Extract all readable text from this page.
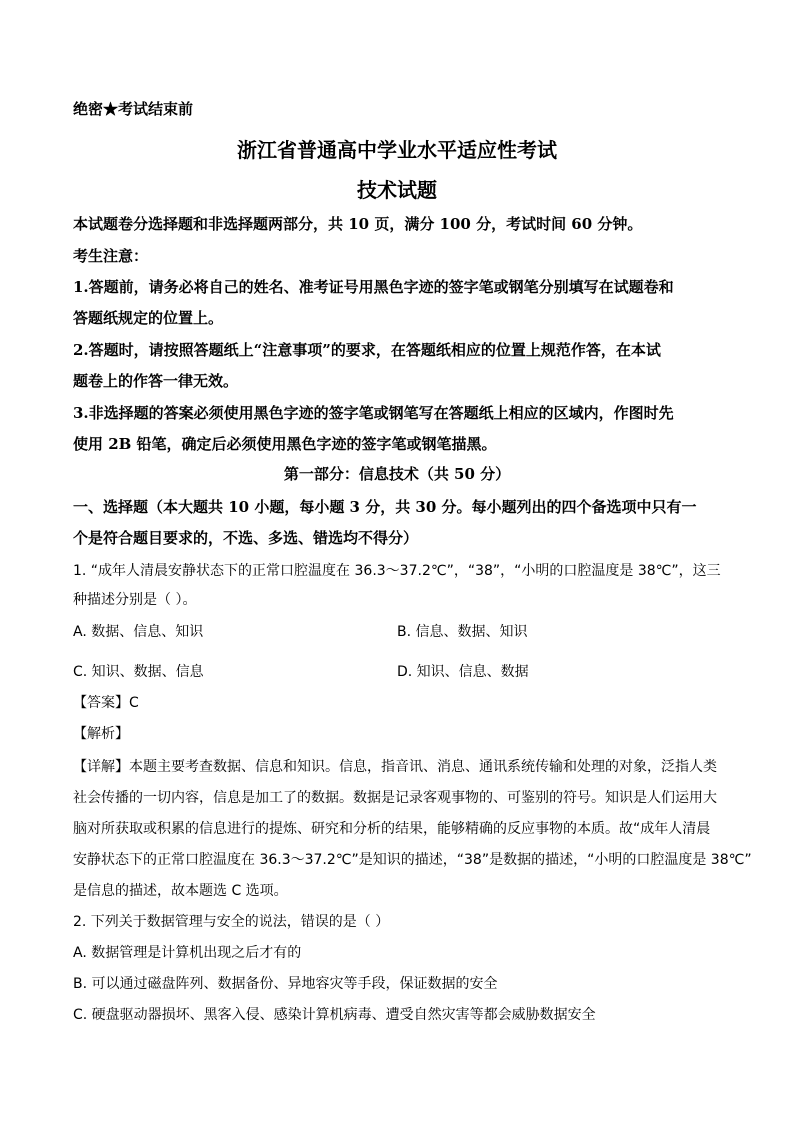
绝密★考试结束前
浙江省普通高中学业水平适应性考试
技术试题
本试题卷分选择题和非选择题两部分，共 10 页，满分 100 分，考试时间 60 分钟。
考生注意：
1.答题前，请务必将自己的姓名、准考证号用黑色字迹的签字笔或钢笔分别填写在试题卷和
答题纸规定的位置上。
2.答题时，请按照答题纸上“注意事项”的要求，在答题纸相应的位置上规范作答，在本试
题卷上的作答一律无效。
3.非选择题的答案必须使用黑色字迹的签字笔或钢笔写在答题纸上相应的区域内，作图时先
使用 2B 铅笔，确定后必须使用黑色字迹的签字笔或钢笔描黑。
第一部分：信息技术（共 50 分）
一、选择题（本大题共 10 小题，每小题 3 分，共 30 分。每小题列出的四个备选项中只有一
个是符合题目要求的，不选、多选、错选均不得分）
1. “成年人清晨安静状态下的正常口腔温度在 36.3～37.2℃”，“38”，“小明的口腔温度是 38℃”，这三
种描述分别是（ ）。
A. 数据、信息、知识	B. 信息、数据、知识
C. 知识、数据、信息	D. 知识、信息、数据
【答案】C
【解析】
【详解】本题主要考查数据、信息和知识。信息，指音讯、消息、通讯系统传输和处理的对象，泛指人类
社会传播的一切内容，信息是加工了的数据。数据是记录客观事物的、可鉴别的符号。知识是人们运用大
脑对所获取或积累的信息进行的提炼、研究和分析的结果，能够精确的反应事物的本质。故“成年人清晨
安静状态下的正常口腔温度在 36.3～37.2℃”是知识的描述，“38”是数据的描述，“小明的口腔温度是 38℃”
是信息的描述，故本题选 C 选项。
2. 下列关于数据管理与安全的说法，错误的是（ ）
A. 数据管理是计算机出现之后才有的
B. 可以通过磁盘阵列、数据备份、异地容灾等手段，保证数据的安全
C. 硬盘驱动器损坏、黑客入侵、感染计算机病毒、遭受自然灾害等都会威胁数据安全
